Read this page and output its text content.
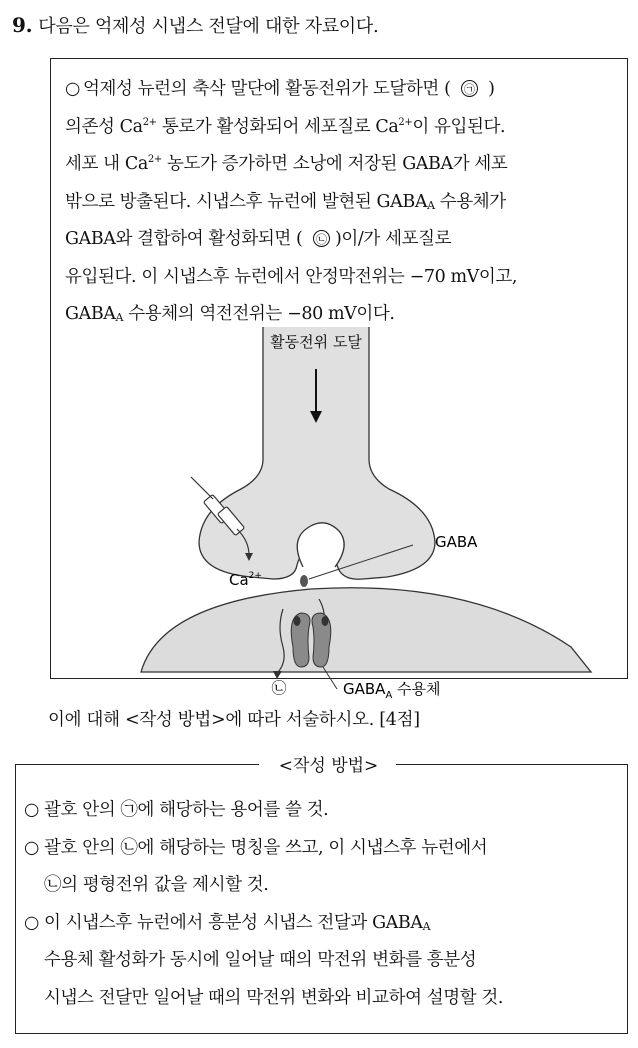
9. 다음은 억제성 시냅스 전달에 대한 자료이다.
○ 억제성 뉴런의 축삭 말단에 활동전위가 도달하면 ( ㉠ )
의존성 $Ca^{2+}$ 통로가 활성화되어 세포질로 $Ca^{2+}$이 유입된다.
세포 내 $Ca^{2+}$ 농도가 증가하면 소낭에 저장된 GABA가 세포
밖으로 방출된다. 시냅스후 뉴런에 발현된 $GABA_A$ 수용체가
GABA와 결합하여 활성화되면 ( ㉡ )이/가 세포질로
유입된다. 이 시냅스후 뉴런에서 안정막전위는 −70 mV이고,
$GABA_A$ 수용체의 역전전위는 −80 mV이다.
활동전위 도달
$Ca^{2+}$
GABA
$GABA_A$ 수용체
㉡
이에 대해 <작성 방법>에 따라 서술하시오. [4점]
<작성 방법>
○ 괄호 안의 ㉠에 해당하는 용어를 쓸 것.
○ 괄호 안의 ㉡에 해당하는 명칭을 쓰고, 이 시냅스후 뉴런에서
㉡의 평형전위 값을 제시할 것.
○ 이 시냅스후 뉴런에서 흥분성 시냅스 전달과 $GABA_A$
수용체 활성화가 동시에 일어날 때의 막전위 변화를 흥분성
시냅스 전달만 일어날 때의 막전위 변화와 비교하여 설명할 것.
